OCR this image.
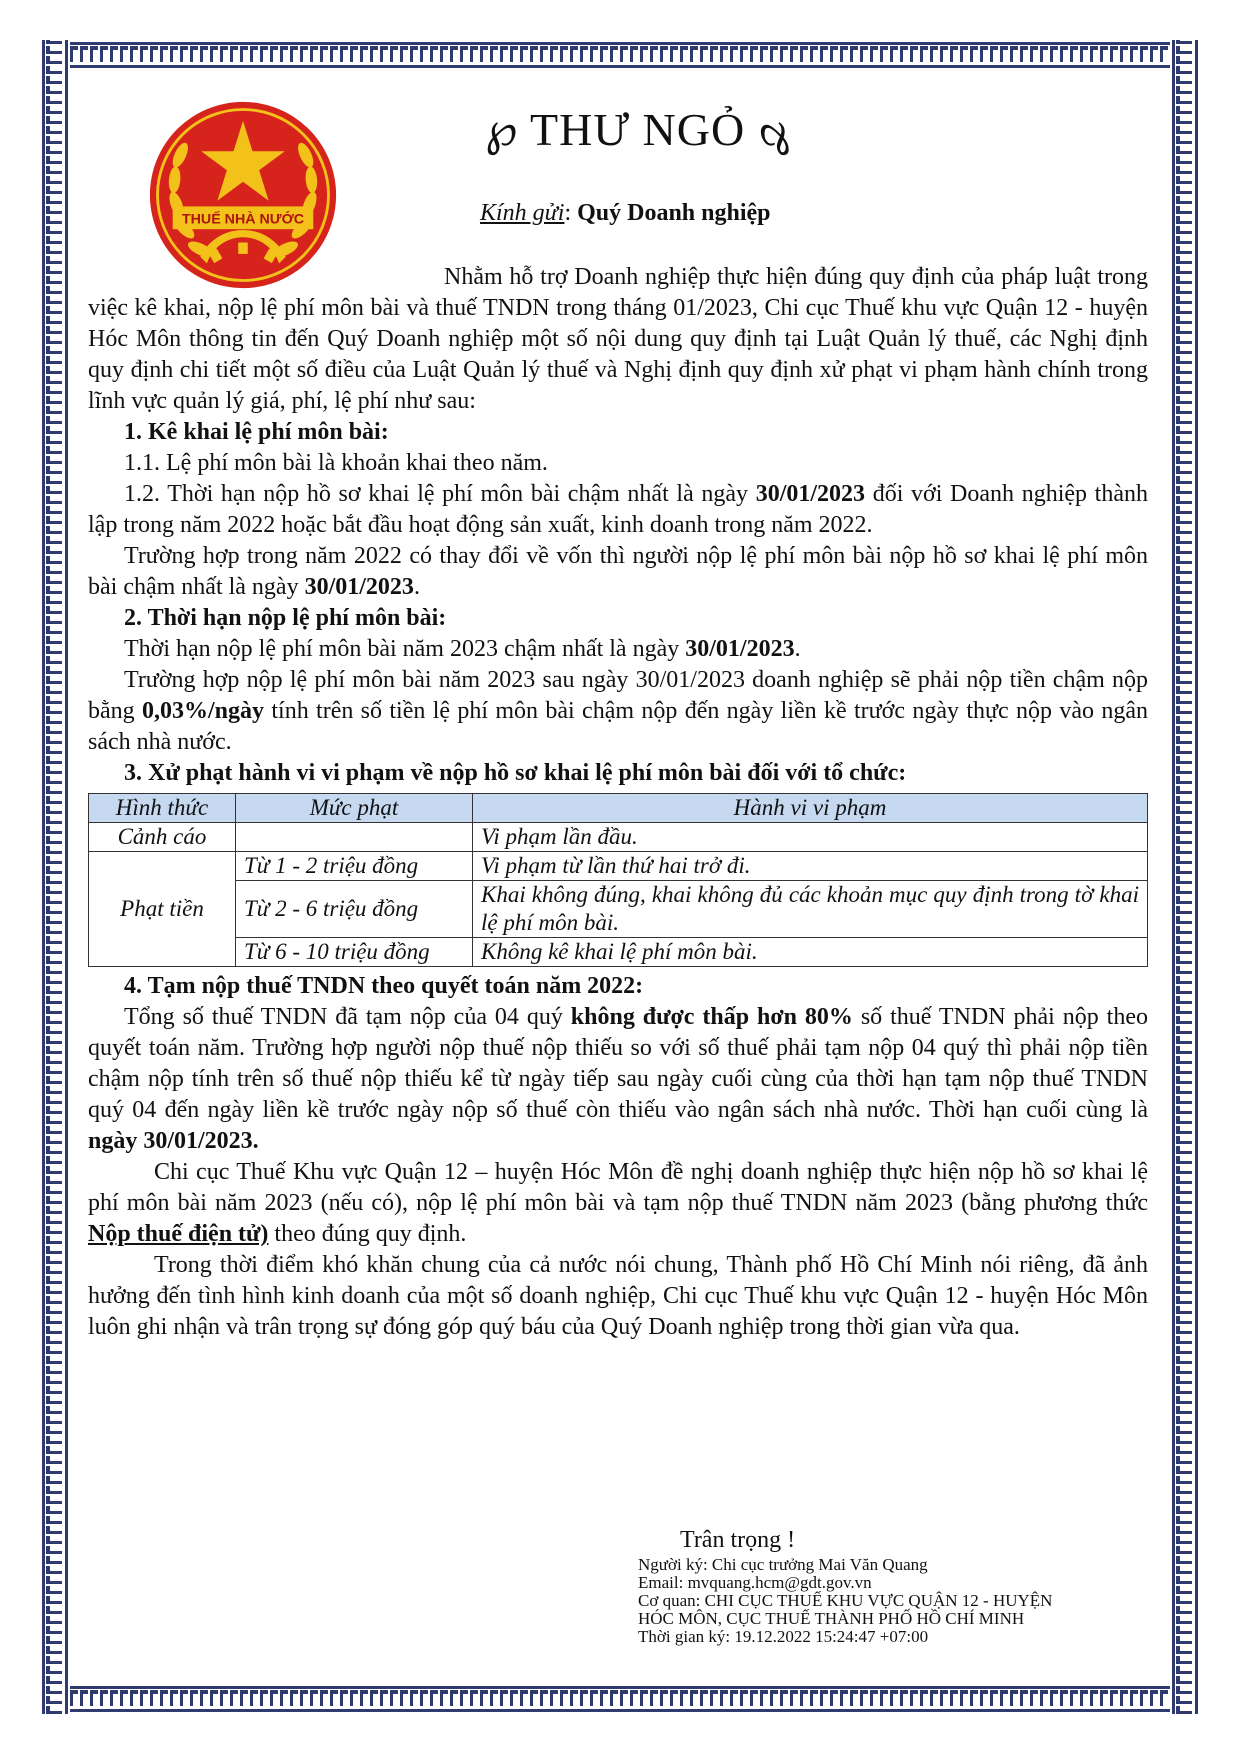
THUẾ NHÀ NƯỚC
℘ THƯ NGỎ ℘
Kính gửi: Quý Doanh nghiệp

Nhằm hỗ trợ Doanh nghiệp thực hiện đúng quy định của pháp luật trong việc kê khai, nộp lệ phí môn bài và thuế TNDN trong tháng 01/2023, Chi cục Thuế khu vực Quận 12 - huyện Hóc Môn thông tin đến Quý Doanh nghiệp một số nội dung quy định tại Luật Quản lý thuế, các Nghị định quy định chi tiết một số điều của Luật Quản lý thuế và Nghị định quy định xử phạt vi phạm hành chính trong lĩnh vực quản lý giá, phí, lệ phí như sau:

1. Kê khai lệ phí môn bài:

1.1. Lệ phí môn bài là khoản khai theo năm.

1.2. Thời hạn nộp hồ sơ khai lệ phí môn bài chậm nhất là ngày 30/01/2023 đối với Doanh nghiệp thành lập trong năm 2022 hoặc bắt đầu hoạt động sản xuất, kinh doanh trong năm 2022.

Trường hợp trong năm 2022 có thay đổi về vốn thì người nộp lệ phí môn bài nộp hồ sơ khai lệ phí môn bài chậm nhất là ngày 30/01/2023.

2. Thời hạn nộp lệ phí môn bài:

Thời hạn nộp lệ phí môn bài năm 2023 chậm nhất là ngày 30/01/2023.

Trường hợp nộp lệ phí môn bài năm 2023 sau ngày 30/01/2023 doanh nghiệp sẽ phải nộp tiền chậm nộp bằng 0,03%/ngày tính trên số tiền lệ phí môn bài chậm nộp đến ngày liền kề trước ngày thực nộp vào ngân sách nhà nước.

3. Xử phạt hành vi vi phạm về nộp hồ sơ khai lệ phí môn bài đối với tổ chức:

Hình thức	Mức phạt	Hành vi vi phạm
Cảnh cáo		Vi phạm lần đầu.
Phạt tiền	Từ 1 - 2 triệu đồng	Vi phạm từ lần thứ hai trở đi.
	Từ 2 - 6 triệu đồng	Khai không đúng, khai không đủ các khoản mục quy định trong tờ khai lệ phí môn bài.
	Từ 6 - 10 triệu đồng	Không kê khai lệ phí môn bài.

4. Tạm nộp thuế TNDN theo quyết toán năm 2022:

Tổng số thuế TNDN đã tạm nộp của 04 quý không được thấp hơn 80% số thuế TNDN phải nộp theo quyết toán năm. Trường hợp người nộp thuế nộp thiếu so với số thuế phải tạm nộp 04 quý thì phải nộp tiền chậm nộp tính trên số thuế nộp thiếu kể từ ngày tiếp sau ngày cuối cùng của thời hạn tạm nộp thuế TNDN quý 04 đến ngày liền kề trước ngày nộp số thuế còn thiếu vào ngân sách nhà nước. Thời hạn cuối cùng là ngày 30/01/2023.

Chi cục Thuế Khu vực Quận 12 – huyện Hóc Môn đề nghị doanh nghiệp thực hiện nộp hồ sơ khai lệ phí môn bài năm 2023 (nếu có), nộp lệ phí môn bài và tạm nộp thuế TNDN năm 2023 (bằng phương thức Nộp thuế điện tử) theo đúng quy định.

Trong thời điểm khó khăn chung của cả nước nói chung, Thành phố Hồ Chí Minh nói riêng, đã ảnh hưởng đến tình hình kinh doanh của một số doanh nghiệp, Chi cục Thuế khu vực Quận 12 - huyện Hóc Môn luôn ghi nhận và trân trọng sự đóng góp quý báu của Quý Doanh nghiệp trong thời gian vừa qua.

Trân trọng !
Người ký: Chi cục trưởng Mai Văn Quang
Email: mvquang.hcm@gdt.gov.vn
Cơ quan: CHI CỤC THUẾ KHU VỰC QUẬN 12 - HUYỆN
HÓC MÔN, CỤC THUẾ THÀNH PHỐ HỒ CHÍ MINH
Thời gian ký: 19.12.2022 15:24:47 +07:00
